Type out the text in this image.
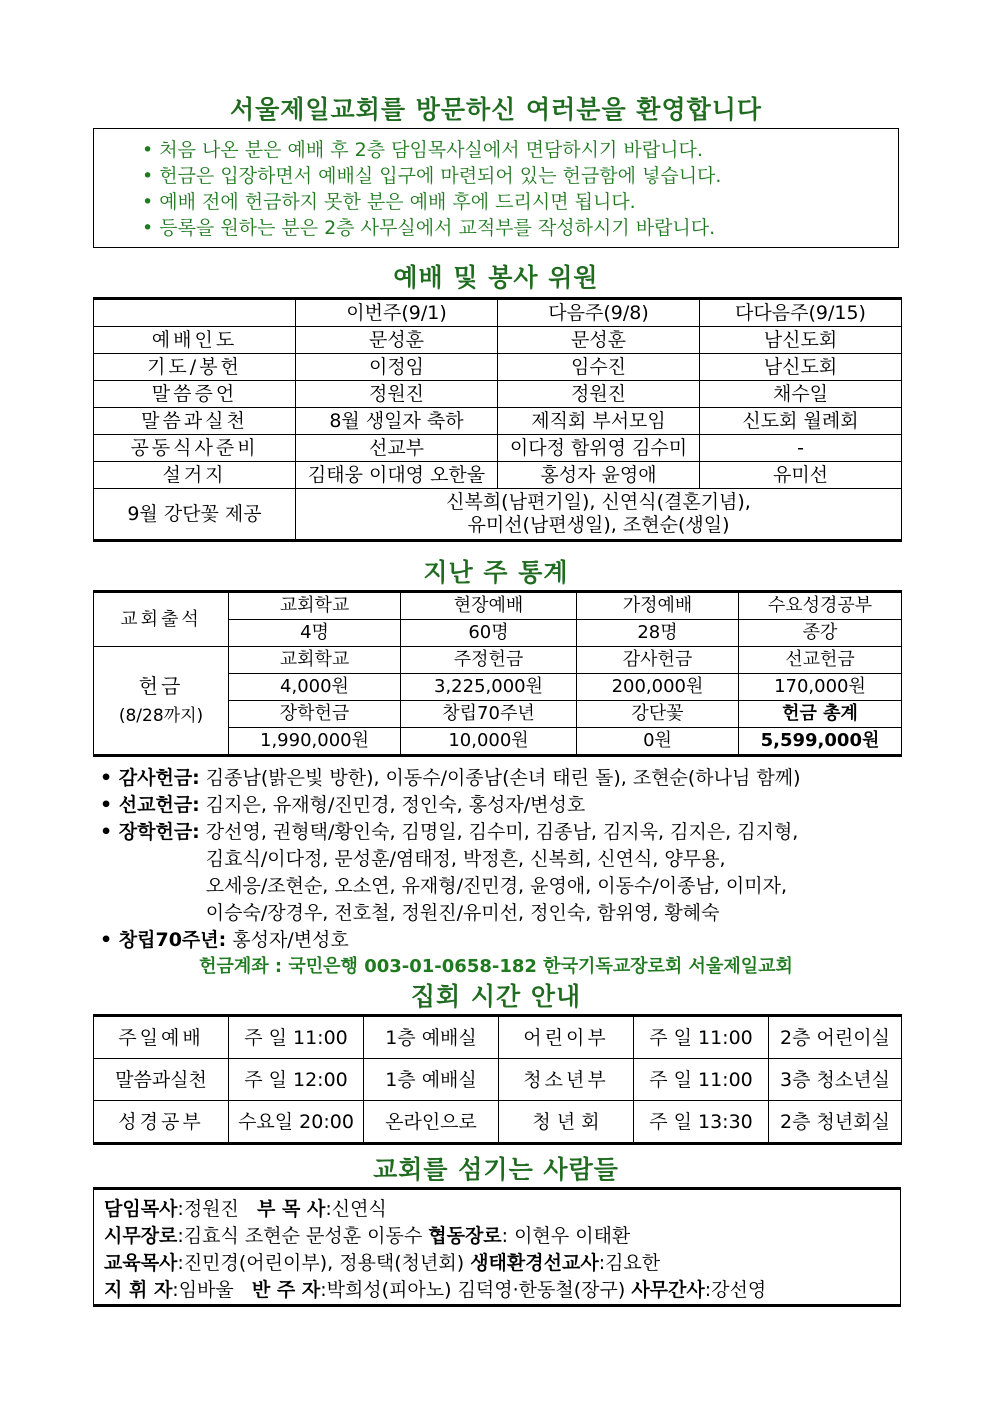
서울제일교회를 방문하신 여러분을 환영합니다
• 처음 나온 분은 예배 후 2층 담임목사실에서 면담하시기 바랍니다.
• 헌금은 입장하면서 예배실 입구에 마련되어 있는 헌금함에 넣습니다.
• 예배 전에 헌금하지 못한 분은 예배 후에 드리시면 됩니다.
• 등록을 원하는 분은 2층 사무실에서 교적부를 작성하시기 바랍니다.
예배 및 봉사 위원
	이번주(9/1)	다음주(9/8)	다다음주(9/15)
예배인도	문성훈	문성훈	남신도회
기도/봉헌	이정임	임수진	남신도회
말씀증언	정원진	정원진	채수일
말씀과실천	8월 생일자 축하	제직회 부서모임	신도회 월례회
공동식사준비	선교부	이다정 함위영 김수미	-
설거지	김태웅 이대영 오한울	홍성자 윤영애	유미선
9월 강단꽃 제공	신복희(남편기일), 신연식(결혼기념),
유미선(남편생일), 조현순(생일)		
지난 주 통계
교회출석	교회학교	현장예배	가정예배	수요성경공부
	4명	60명	28명	종강

헌금
(8/28까지)	교회학교	주정헌금	감사헌금	선교헌금
	4,000원	3,225,000원	200,000원	170,000원
	장학헌금	창립70주년	강단꽃	헌금 총계
	1,990,000원	10,000원	0원	5,599,000원
• 감사헌금: 김종남(밝은빛 방한), 이동수/이종남(손녀 태린 돌), 조현순(하나님 함께)
• 선교헌금: 김지은, 유재형/진민경, 정인숙, 홍성자/변성호
• 장학헌금: 강선영, 권형택/황인숙, 김명일, 김수미, 김종남, 김지욱, 김지은, 김지형,
김효식/이다정, 문성훈/염태정, 박정흔, 신복희, 신연식, 양무용,
오세응/조현순, 오소연, 유재형/진민경, 윤영애, 이동수/이종남, 이미자,
이승숙/장경우, 전호철, 정원진/유미선, 정인숙, 함위영, 황혜숙
• 창립70주년: 홍성자/변성호
헌금계좌 : 국민은행 003-01-0658-182 한국기독교장로회 서울제일교회
집회 시간 안내
주일예배	주 일 11:00	1층 예배실	어린이부	주 일 11:00	2층 어린이실
말씀과실천	주 일 12:00	1층 예배실	청소년부	주 일 11:00	3층 청소년실
성경공부	수요일 20:00	온라인으로	청 년 회	주 일 13:30	2층 청년회실
교회를 섬기는 사람들
담임목사:정원진 부 목 사:신연식
시무장로:김효식 조현순 문성훈 이동수 협동장로: 이현우 이태환
교육목사:진민경(어린이부), 정용택(청년회) 생태환경선교사:김요한
지 휘 자:임바울 반 주 자:박희성(피아노) 김덕영·한동철(장구) 사무간사:강선영
